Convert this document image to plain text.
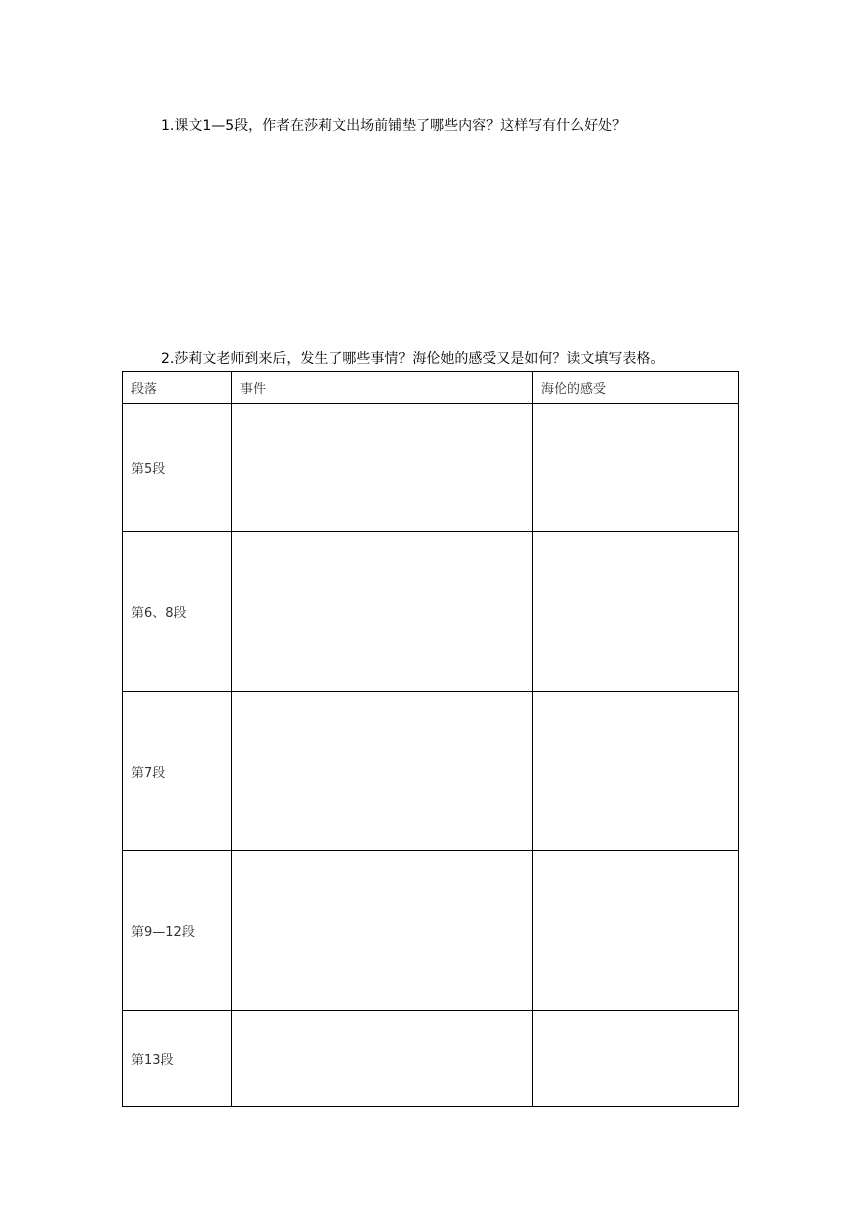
1.课文1—5段，作者在莎莉文出场前铺垫了哪些内容？这样写有什么好处？
2.莎莉文老师到来后，发生了哪些事情？海伦她的感受又是如何？读文填写表格。
段落	事件	海伦的感受
第5段		
第6、8段		
第7段		
第9—12段		
第13段		
